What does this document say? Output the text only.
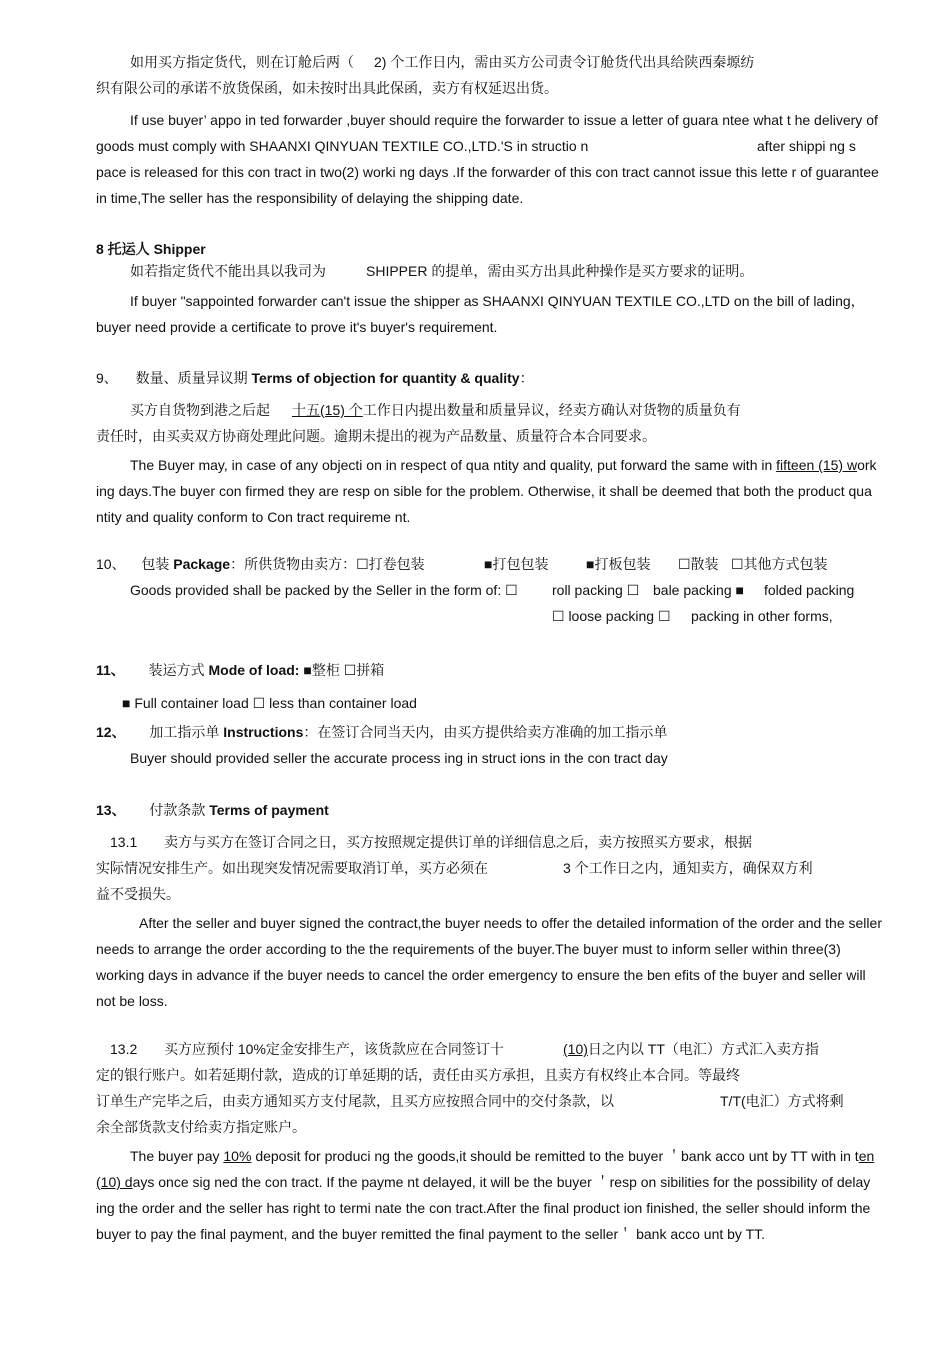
如用买方指定货代，则在订舱后两（ 2) 个工作日内，需由买方公司责令订舱货代出具给陕西秦塬纺
织有限公司的承诺不放货保函，如未按时出具此保函，卖方有权延迟出货。
If use buyer’ appo in ted forwarder ,buyer should require the forwarder to issue a letter of guara ntee what t he delivery of
goods must comply with SHAANXI QINYUAN TEXTILE CO.,LTD.'S in structio n	after shippi ng s
pace is released for this con tract in two(2) worki ng days .If the forwarder of this con tract cannot issue this lette r of guarantee
in time,The seller has the responsibility of delaying the shipping date.
8 托运人 Shipper
如若指定货代不能出具以我司为	SHIPPER 的提单，需由买方出具此种操作是买方要求的证明。
If buyer "sappointed forwarder can't issue the shipper as SHAANXI QINYUAN TEXTILE CO.,LTD on the bill of lading，
buyer need provide a certificate to prove it's buyer's requirement.
9、 数量、质量异议期 Terms of objection for quantity & quality：
买方自货物到港之后起 十五(15) 个工作日内提出数量和质量异议，经卖方确认对货物的质量负有
责任时，由买卖双方协商处理此问题。逾期未提出的视为产品数量、质量符合本合同要求。
The Buyer may, in case of any objecti on in respect of qua ntity and quality, put forward the same with in fifteen (15) work
ing days.The buyer con firmed they are resp on sible for the problem. Otherwise, it shall be deemed that both the product qua
ntity and quality conform to Con tract requireme nt.
10、 包装 Package：所供货物由卖方：☐打卷包装	■打包包装	■打板包装 ☐散装 ☐其他方式包装
Goods provided shall be packed by the Seller in the form of: ☐ roll packing ☐ bale packing ■ folded packing
☐ loose packing ☐ packing in other forms,
11、 装运方式 Mode of load: ■整柜 ☐拼箱
■ Full container load ☐ less than container load
12、 加工指示单 Instructions：在签订合同当天内，由买方提供给卖方准确的加工指示单
Buyer should provided seller the accurate process ing in struct ions in the con tract day
13、 付款条款 Terms of payment
13.1 卖方与买方在签订合同之日，买方按照规定提供订单的详细信息之后，卖方按照买方要求，根据
实际情况安排生产。如出现突发情况需要取消订单，买方必须在	3 个工作日之内，通知卖方，确保双方利
益不受损失。
After the seller and buyer signed the contract,the buyer needs to offer the detailed information of the order and the seller
needs to arrange the order according to the the requirements of the buyer.The buyer must to inform seller within three(3)
working days in advance if the buyer needs to cancel the order emergency to ensure the ben efits of the buyer and seller will
not be loss.
13.2 买方应预付 10%定金安排生产，该货款应在合同签订十	(10)日之内以 TT（电汇）方式汇入卖方指
定的银行账户。如若延期付款，造成的订单延期的话，责任由买方承担，且卖方有权终止本合同。等最终
订单生产完毕之后，由卖方通知买方支付尾款，且买方应按照合同中的交付条款，以	T/T(电汇）方式将剩
余全部货款支付给卖方指定账户。
The buyer pay 10% deposit for produci ng the goods,it should be remitted to the buyer ＇bank acco unt by TT with in ten
(10) days once sig ned the con tract. If the payme nt delayed, it will be the buyer ＇resp on sibilities for the possibility of delay
ing the order and the seller has right to termi nate the con tract.After the final product ion finished, the seller should inform the
buyer to pay the final payment, and the buyer remitted the final payment to the seller＇ bank acco unt by TT.
